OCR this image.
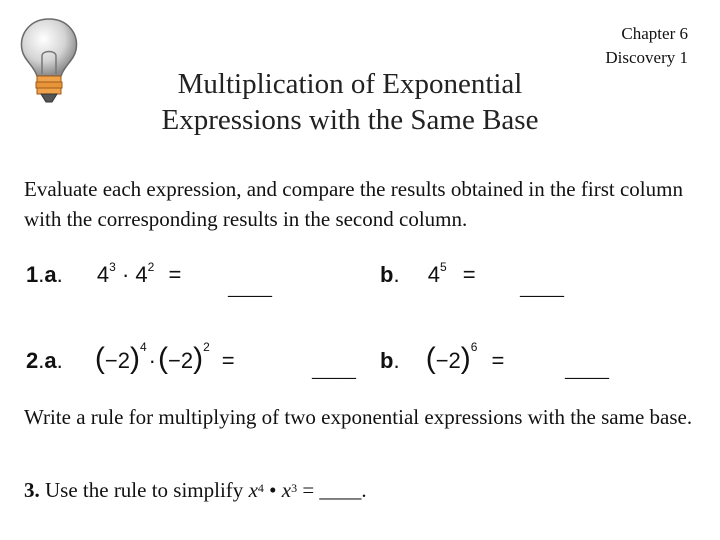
Multiplication of Exponential
Expressions with the Same Base
Chapter 6
Discovery 1
Evaluate each expression, and compare the results obtained in the first column with the corresponding results in the second column.
1.a. $4^3 \cdot 4^2$ = ____	b. $4^5$ = ____
2.a. $(-2)^4\cdot(-2)^2=$	____ b. $(-2)^6=$	____
Write a rule for multiplying of two exponential expressions with the same base.
3. Use the rule to simplify $x^4$ • $x^3$ = ____.
